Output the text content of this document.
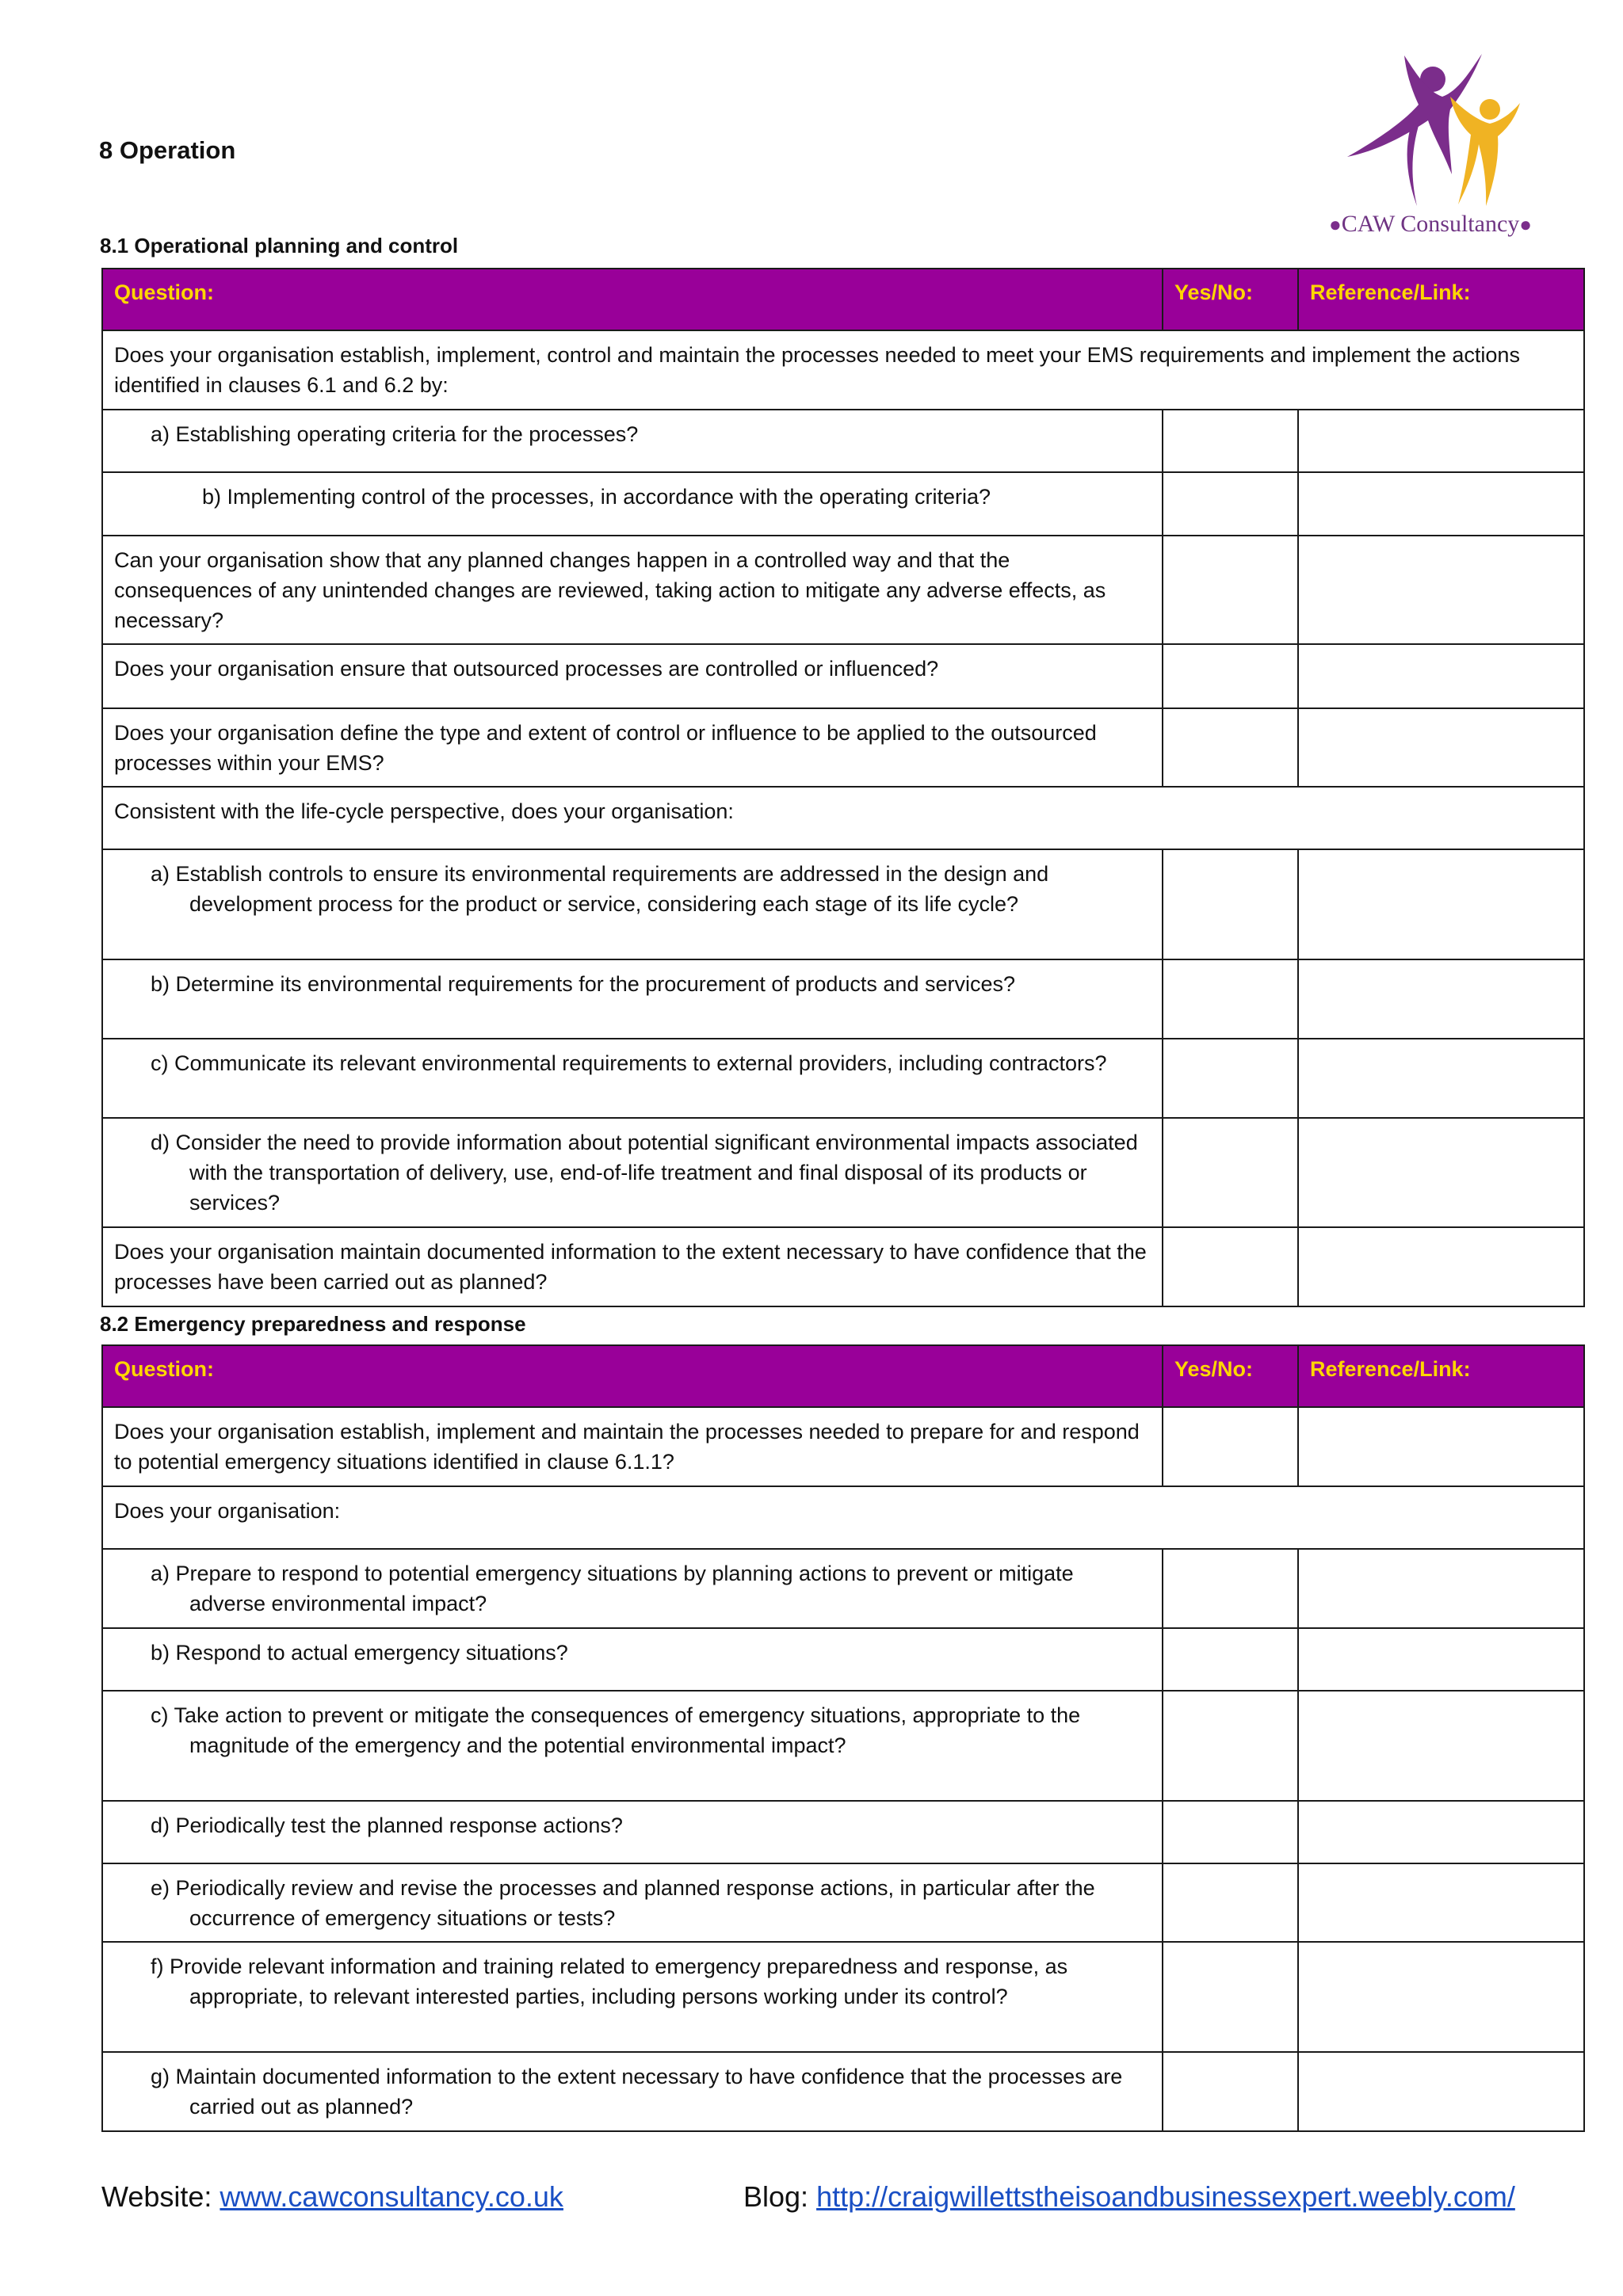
8 Operation
●CAW Consultancy●
8.1 Operational planning and control
Question:	Yes/No:	Reference/Link:
Does your organisation establish, implement, control and maintain the processes needed to meet your EMS requirements and implement the actions identified in clauses 6.1 and 6.2 by:		

a) Establishing operating criteria for the processes?		

b) Implementing control of the processes, in accordance with the operating criteria?		
Can your organisation show that any planned changes happen in a controlled way and that the consequences of any unintended changes are reviewed, taking action to mitigate any adverse effects, as necessary?		
Does your organisation ensure that outsourced processes are controlled or influenced?		
Does your organisation define the type and extent of control or influence to be applied to the outsourced processes within your EMS?		
Consistent with the life-cycle perspective, does your organisation:		

a) Establish controls to ensure its environmental requirements are addressed in the design and development process for the product or service, considering each stage of its life cycle?		

b) Determine its environmental requirements for the procurement of products and services?		

c) Communicate its relevant environmental requirements to external providers, including contractors?		

d) Consider the need to provide information about potential significant environmental impacts associated with the transportation of delivery, use, end-of-life treatment and final disposal of its products or services?		

Does your organisation maintain documented information to the extent necessary to have confidence that the processes have been carried out as planned?		
8.2 Emergency preparedness and response
Question:	Yes/No:	Reference/Link:
Does your organisation establish, implement and maintain the processes needed to prepare for and respond to potential emergency situations identified in clause 6.1.1?		
Does your organisation:		

a) Prepare to respond to potential emergency situations by planning actions to prevent or mitigate adverse environmental impact?		

b) Respond to actual emergency situations?		

c) Take action to prevent or mitigate the consequences of emergency situations, appropriate to the magnitude of the emergency and the potential environmental impact?		

d) Periodically test the planned response actions?		

e) Periodically review and revise the processes and planned response actions, in particular after the occurrence of emergency situations or tests?		

f) Provide relevant information and training related to emergency preparedness and response, as appropriate, to relevant interested parties, including persons working under its control?		

g) Maintain documented information to the extent necessary to have confidence that the processes are carried out as planned?		

Website: www.cawconsultancy.co.uk	Blog: http://craigwillettstheisoandbusinessexpert.weebly.com/
